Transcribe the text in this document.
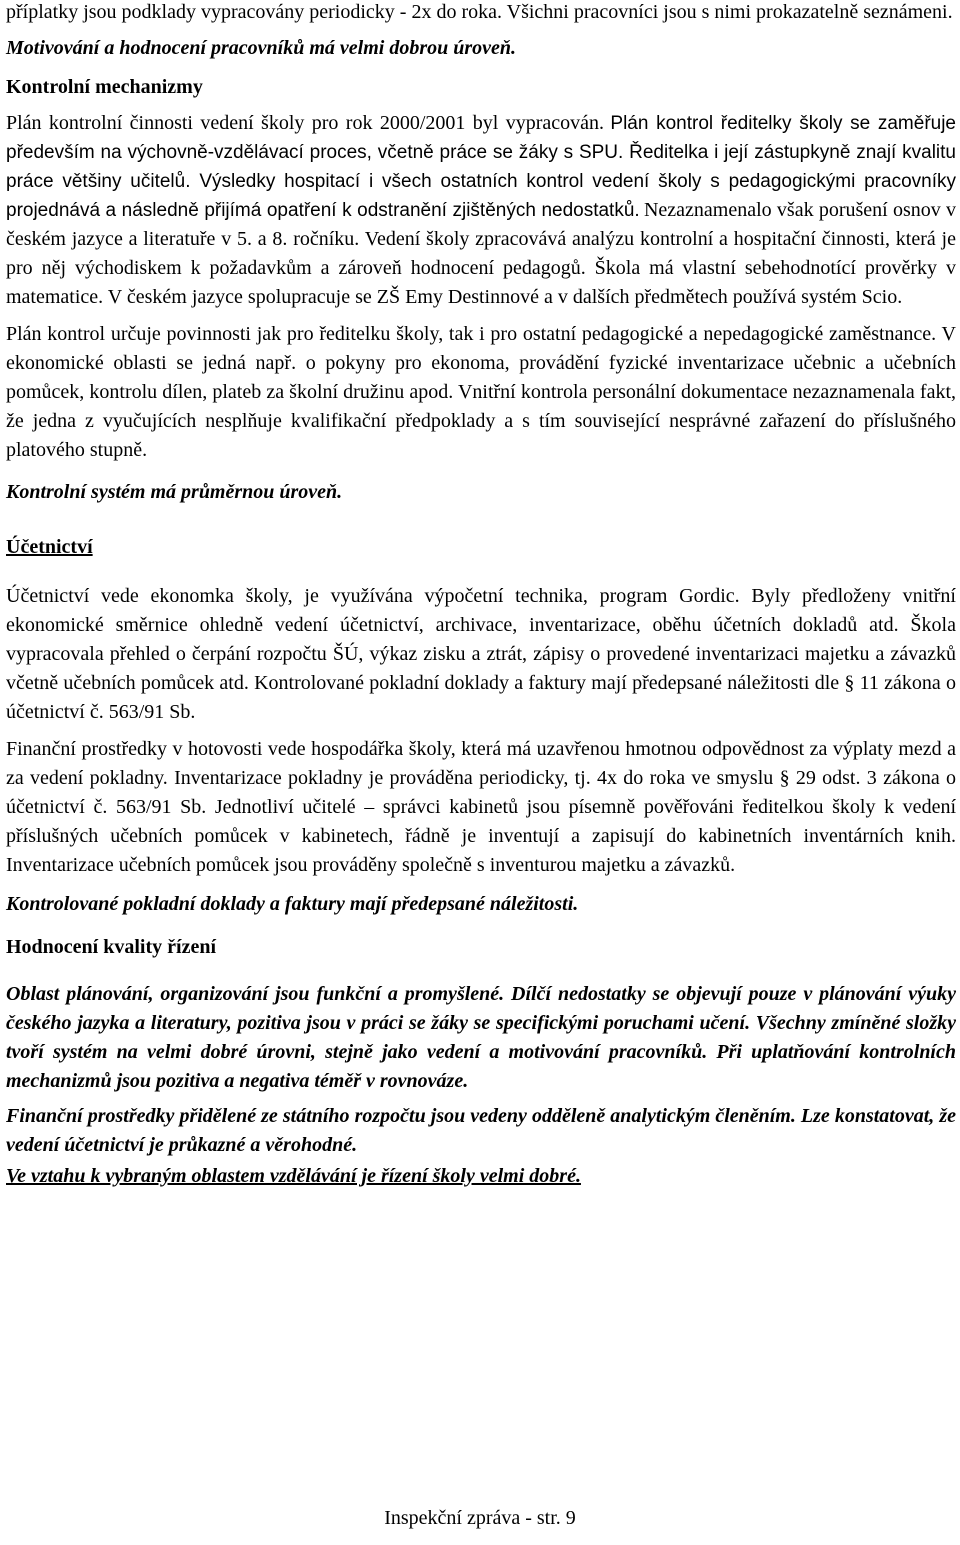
příplatky jsou podklady vypracovány periodicky - 2x do roka. Všichni pracovníci jsou s nimi prokazatelně seznámeni.

Motivování a hodnocení pracovníků má velmi dobrou úroveň.

Kontrolní mechanizmy

Plán kontrolní činnosti vedení školy pro rok 2000/2001 byl vypracován. Plán kontrol ředitelky školy se zaměřuje především na výchovně-vzdělávací proces, včetně práce se žáky s SPU. Ředitelka i její zástupkyně znají kvalitu práce většiny učitelů. Výsledky hospitací i všech ostatních kontrol vedení školy s pedagogickými pracovníky projednává a následně přijímá opatření k odstranění zjištěných nedostatků. Nezaznamenalo však porušení osnov v českém jazyce a literatuře v 5. a 8. ročníku. Vedení školy zpracovává analýzu kontrolní a hospitační činnosti, která je pro něj východiskem k požadavkům a zároveň hodnocení pedagogů. Škola má vlastní sebehodnotící prověrky v matematice. V českém jazyce spolupracuje se ZŠ Emy Destinnové a v dalších předmětech používá systém Scio.

Plán kontrol určuje povinnosti jak pro ředitelku školy, tak i pro ostatní pedagogické a nepedagogické zaměstnance. V ekonomické oblasti se jedná např. o pokyny pro ekonoma, provádění fyzické inventarizace učebnic a učebních pomůcek, kontrolu dílen, plateb za školní družinu apod. Vnitřní kontrola personální dokumentace nezaznamenala fakt, že jedna z vyučujících nesplňuje kvalifikační předpoklady a s tím související nesprávné zařazení do příslušného platového stupně.

Kontrolní systém má průměrnou úroveň.

Účetnictví

Účetnictví vede ekonomka školy, je využívána výpočetní technika, program Gordic. Byly předloženy vnitřní ekonomické směrnice ohledně vedení účetnictví, archivace, inventarizace, oběhu účetních dokladů atd. Škola vypracovala přehled o čerpání rozpočtu ŠÚ, výkaz zisku a ztrát, zápisy o provedené inventarizaci majetku a závazků včetně učebních pomůcek atd. Kontrolované pokladní doklady a faktury mají předepsané náležitosti dle § 11 zákona o účetnictví č. 563/91 Sb.

Finanční prostředky v hotovosti vede hospodářka školy, která má uzavřenou hmotnou odpovědnost za výplaty mezd a za vedení pokladny. Inventarizace pokladny je prováděna periodicky, tj. 4x do roka ve smyslu § 29 odst. 3 zákona o účetnictví č. 563/91 Sb. Jednotliví učitelé – správci kabinetů jsou písemně pověřováni ředitelkou školy k vedení příslušných učebních pomůcek v kabinetech, řádně je inventují a zapisují do kabinetních inventárních knih. Inventarizace učebních pomůcek jsou prováděny společně s inventurou majetku a závazků.

Kontrolované pokladní doklady a faktury mají předepsané náležitosti.

Hodnocení kvality řízení

Oblast plánování, organizování jsou funkční a promyšlené. Dílčí nedostatky se objevují pouze v plánování výuky českého jazyka a literatury, pozitiva jsou v práci se žáky se specifickými poruchami učení. Všechny zmíněné složky tvoří systém na velmi dobré úrovni, stejně jako vedení a motivování pracovníků. Při uplatňování kontrolních mechanizmů jsou pozitiva a negativa téměř v rovnováze.

Finanční prostředky přidělené ze státního rozpočtu jsou vedeny odděleně analytickým členěním. Lze konstatovat, že vedení účetnictví je průkazné a věrohodné.

Ve vztahu k vybraným oblastem vzdělávání je řízení školy velmi dobré.

Inspekční zpráva - str. 9
